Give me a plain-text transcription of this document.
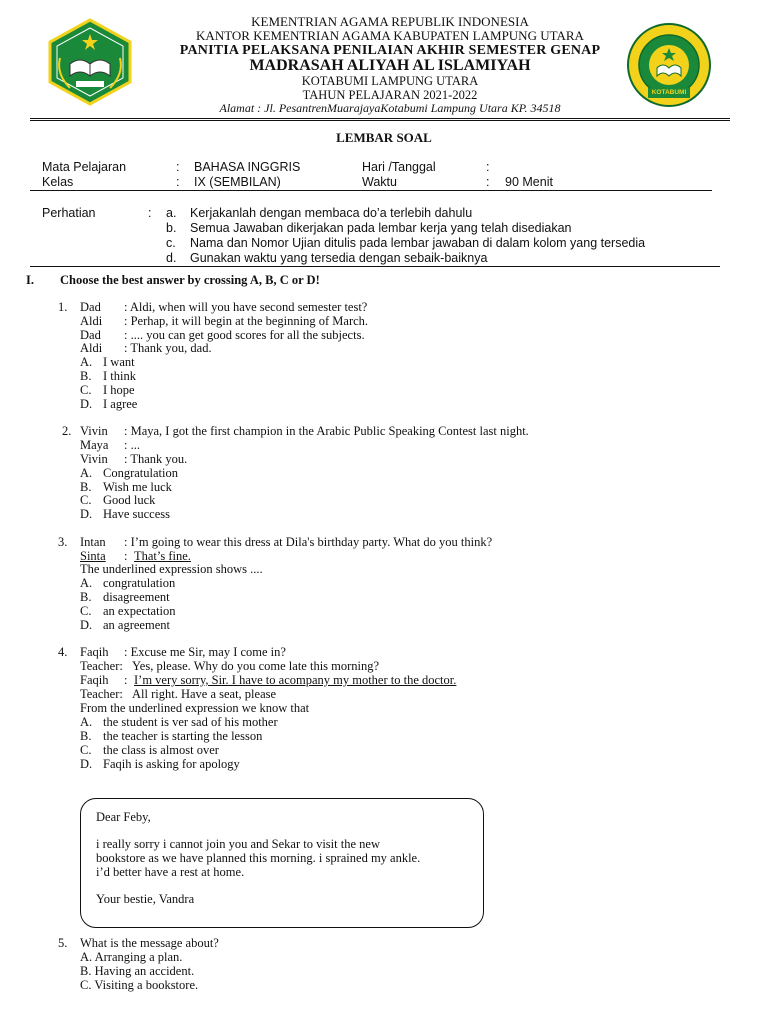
KOTABUMI
KEMENTRIAN AGAMA REPUBLIK INDONESIA
KANTOR KEMENTRIAN AGAMA KABUPATEN LAMPUNG UTARA
PANITIA PELAKSANA PENILAIAN AKHIR SEMESTER GENAP
MADRASAH ALIYAH AL ISLAMIYAH
KOTABUMI LAMPUNG UTARA
TAHUN PELAJARAN 2021-2022
Alamat : Jl. PesantrenMuarajayaKotabumi Lampung Utara KP. 34518
LEMBAR SOAL
Mata Pelajaran	: BAHASA INGGRIS	Hari /Tanggal	:
Kelas	: IX (SEMBILAN)	Waktu	: 90 Menit
Perhatian	: a. Kerjakanlah dengan membaca do’a terlebih dahulu
b. Semua Jawaban dikerjakan pada lembar kerja yang telah disediakan
c. Nama dan Nomor Ujian ditulis pada lembar jawaban di dalam kolom yang tersedia
d. Gunakan waktu yang tersedia dengan sebaik-baiknya
I. Choose the best answer by crossing A, B, C or D!
1. Dad : Aldi, when will you have second semester test?
Aldi : Perhap, it will begin at the beginning of March.
Dad : .... you can get good scores for all the subjects.
Aldi : Thank you, dad.
A. I want
B. I think
C. I hope
D. I agree
2. Vivin : Maya, I got the first champion in the Arabic Public Speaking Contest last night.
Maya : ...
Vivin : Thank you.
A. Congratulation
B. Wish me luck
C. Good luck
D. Have success
3. Intan : I’m going to wear this dress at Dila's birthday party. What do you think?
Sinta : That’s fine.
The underlined expression shows ....
A. congratulation
B. disagreement
C. an expectation
D. an agreement
4. Faqih : Excuse me Sir, may I come in?
Teacher: Yes, please. Why do you come late this morning?
Faqih : I’m very sorry, Sir. I have to acompany my mother to the doctor.
Teacher: All right. Have a seat, please
From the underlined expression we know that
A. the student is ver sad of his mother
B. the teacher is starting the lesson
C. the class is almost over
D. Faqih is asking for apology
Dear Feby,
i really sorry i cannot join you and Sekar to visit the new
bookstore as we have planned this morning. i sprained my ankle.
i’d better have a rest at home.
Your bestie, Vandra
5. What is the message about?
A. Arranging a plan.
B. Having an accident.
C. Visiting a bookstore.
